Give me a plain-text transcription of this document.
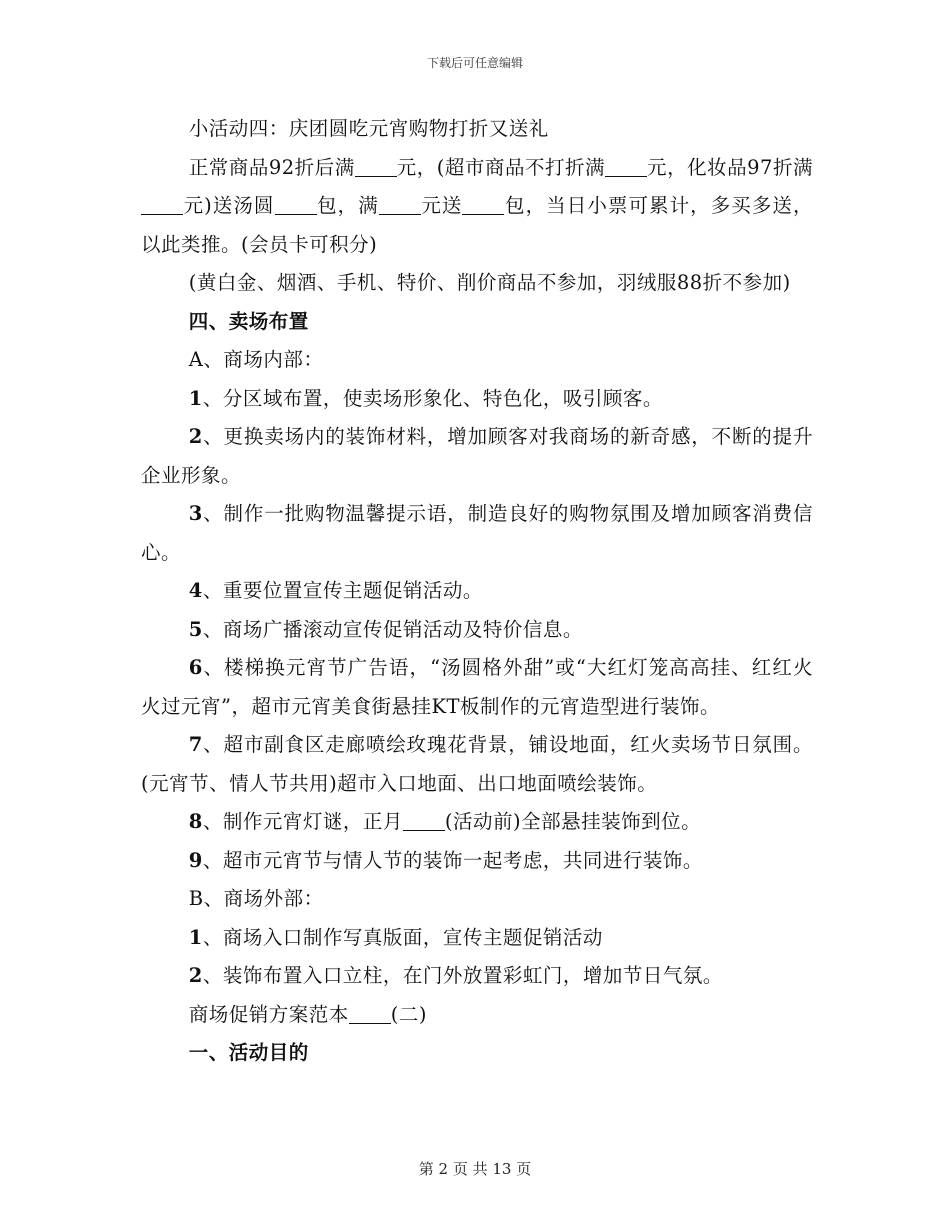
下载后可任意编辑

小活动四：庆团圆吃元宵购物打折又送礼

正常商品92折后满 元，(超市商品不打折满 元，化妆品97折满元)送汤圆 包，满 元送 包，当日小票可累计，多买多送，以此类推。(会员卡可积分)

(黄白金、烟酒、手机、特价、削价商品不参加，羽绒服88折不参加)

四、卖场布置

A、商场内部：

1、分区域布置，使卖场形象化、特色化，吸引顾客。

2、更换卖场内的装饰材料，增加顾客对我商场的新奇感，不断的提升企业形象。

3、制作一批购物温馨提示语，制造良好的购物氛围及增加顾客消费信心。

4、重要位置宣传主题促销活动。

5、商场广播滚动宣传促销活动及特价信息。

6、楼梯换元宵节广告语，“汤圆格外甜”或“大红灯笼高高挂、红红火火过元宵”，超市元宵美食街悬挂KT板制作的元宵造型进行装饰。

7、超市副食区走廊喷绘玫瑰花背景，铺设地面，红火卖场节日氛围。(元宵节、情人节共用)超市入口地面、出口地面喷绘装饰。

8、制作元宵灯谜，正月 (活动前)全部悬挂装饰到位。

9、超市元宵节与情人节的装饰一起考虑，共同进行装饰。

B、商场外部：

1、商场入口制作写真版面，宣传主题促销活动

2、装饰布置入口立柱，在门外放置彩虹门，增加节日气氛。

商场促销方案范本 (二)

一、活动目的

第 2 页 共 13 页
